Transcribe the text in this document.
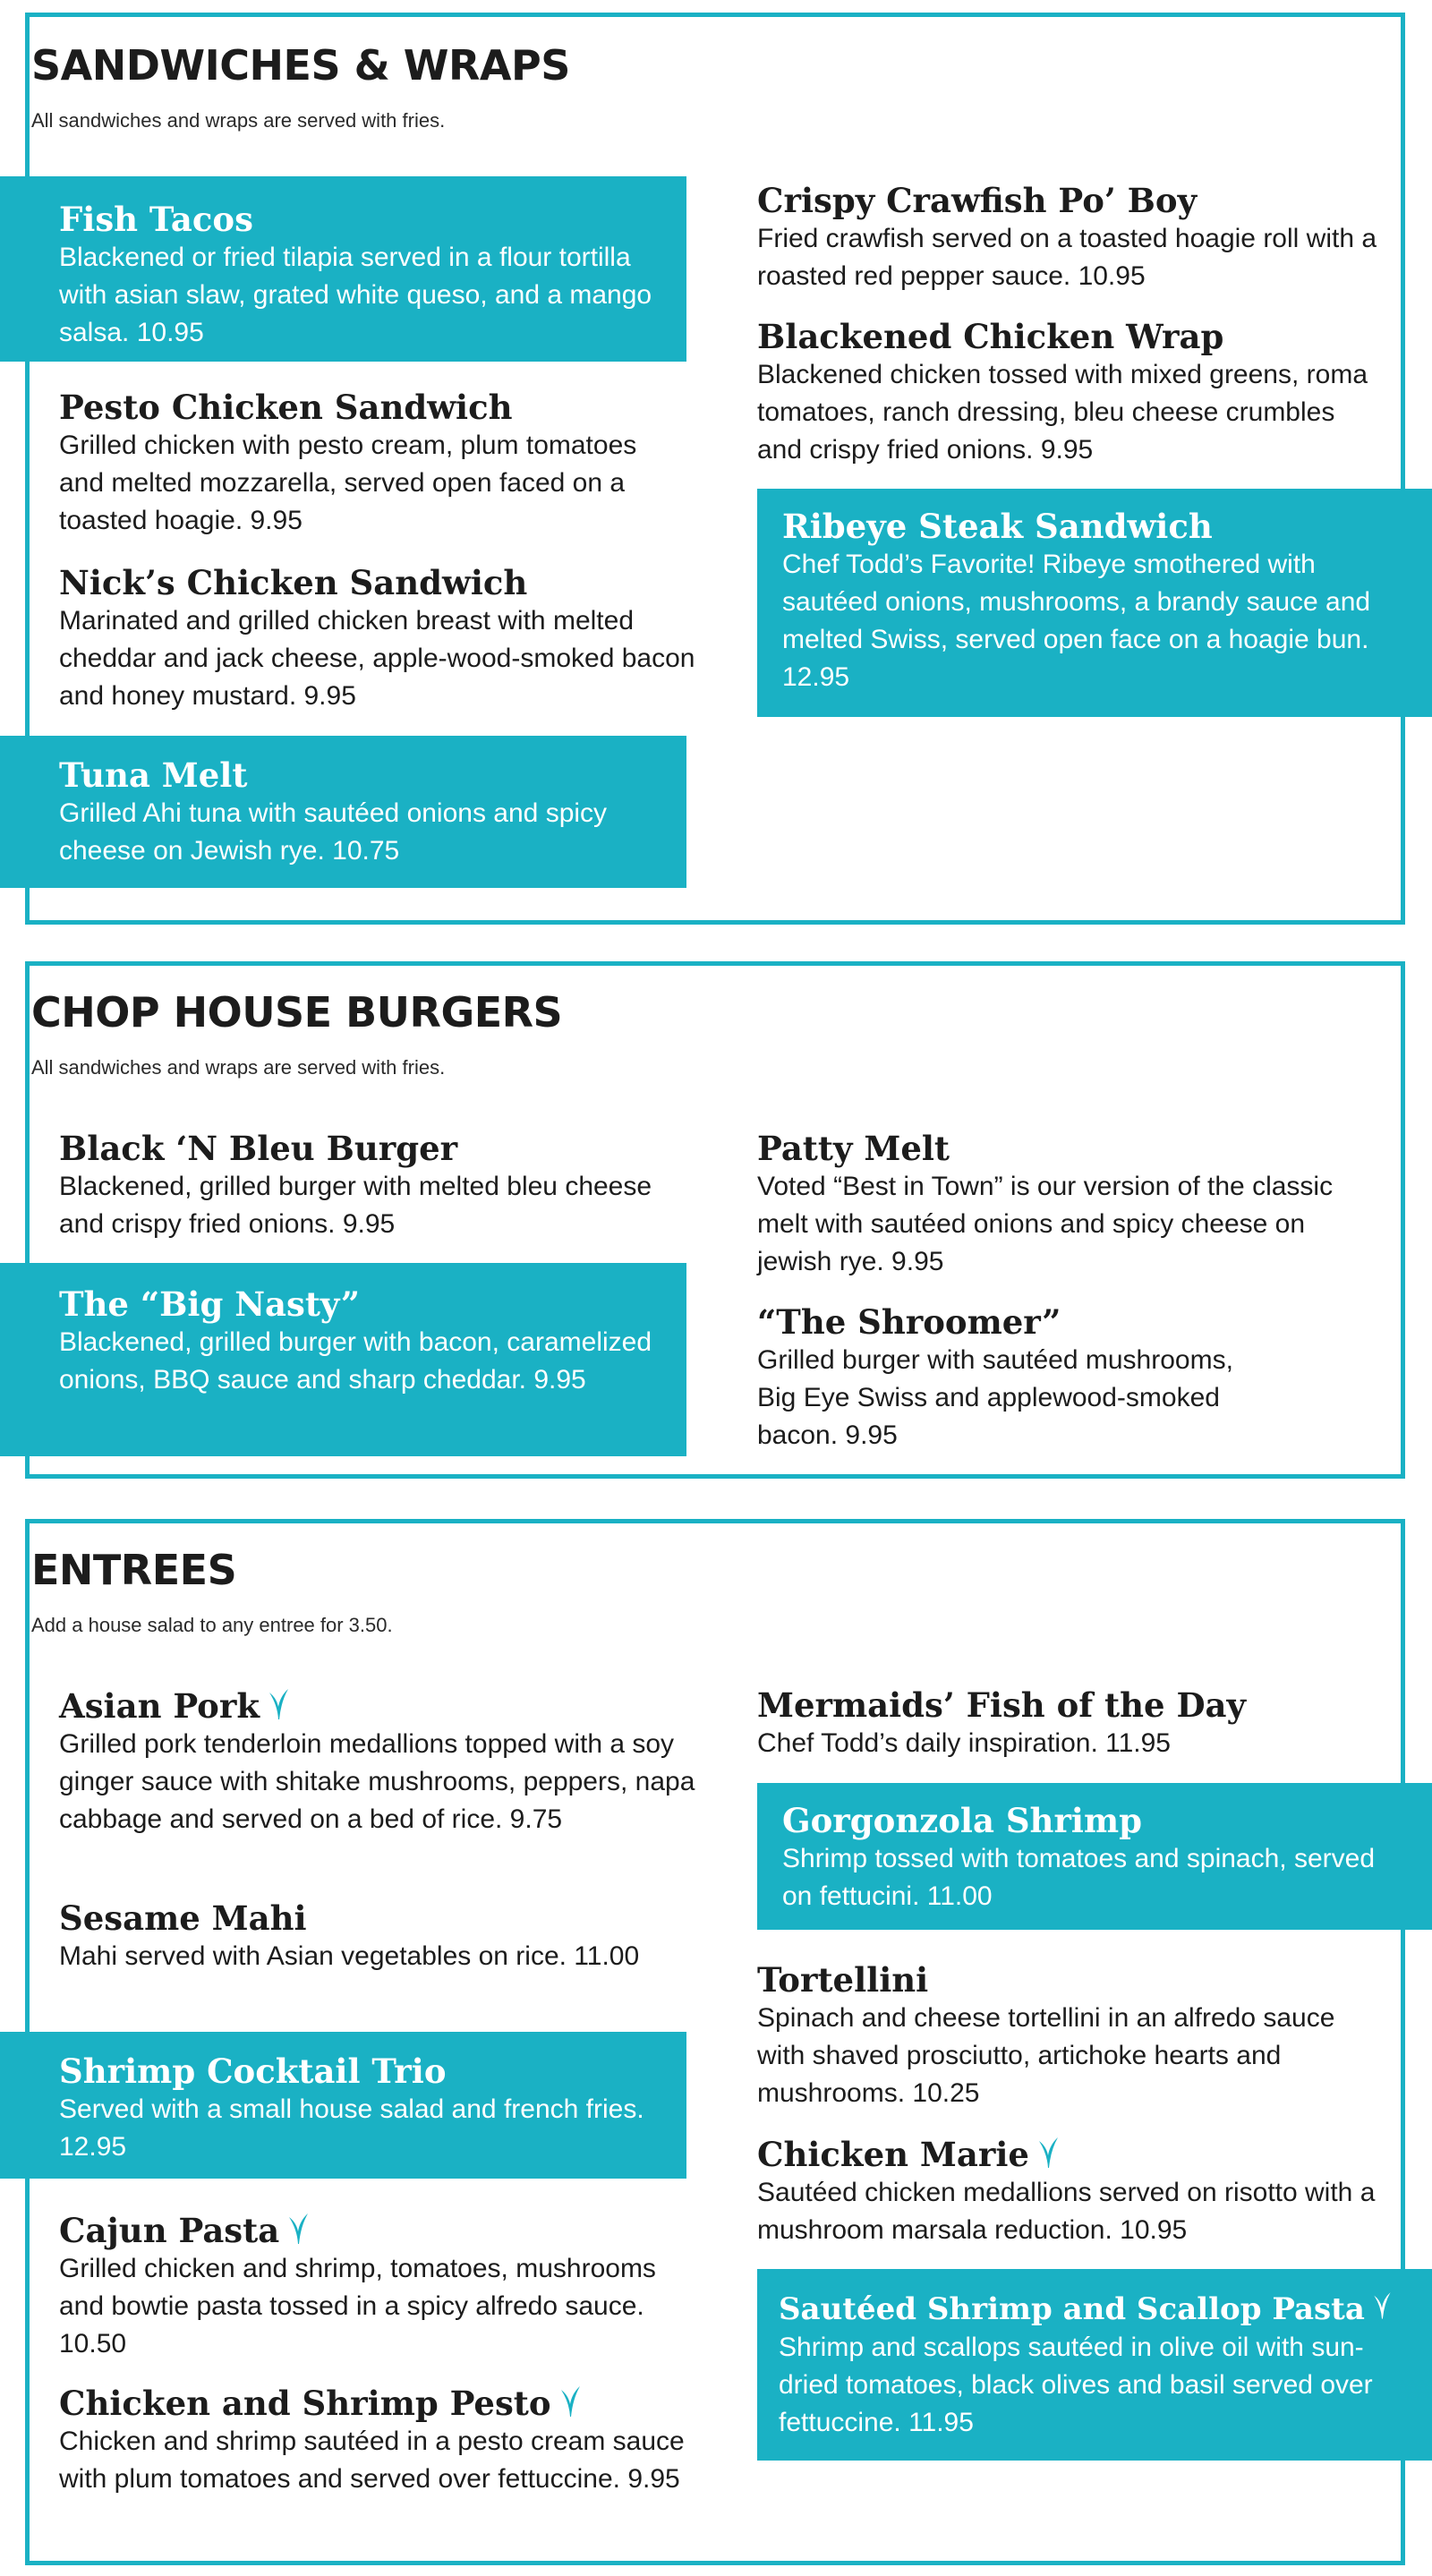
SANDWICHES & WRAPS

All sandwiches and wraps are served with fries.

Fish Tacos
Blackened or fried tilapia served in a flour tortilla with asian slaw, grated white queso, and a mango salsa. 10.95
Pesto Chicken Sandwich
Grilled chicken with pesto cream, plum tomatoes and melted mozzarella, served open faced on a toasted hoagie. 9.95
Nick’s Chicken Sandwich
Marinated and grilled chicken breast with melted cheddar and jack cheese, apple-wood-smoked bacon and honey mustard. 9.95
Tuna Melt
Grilled Ahi tuna with sautéed onions and spicy cheese on Jewish rye. 10.75
Crispy Crawfish Po’ Boy
Fried crawfish served on a toasted hoagie roll with a roasted red pepper sauce. 10.95
Blackened Chicken Wrap
Blackened chicken tossed with mixed greens, roma tomatoes, ranch dressing, bleu cheese crumbles and crispy fried onions. 9.95
Ribeye Steak Sandwich
Chef Todd’s Favorite! Ribeye smothered with sautéed onions, mushrooms, a brandy sauce and melted Swiss, served open face on a hoagie bun. 12.95
CHOP HOUSE BURGERS

All sandwiches and wraps are served with fries.

Black ‘N Bleu Burger
Blackened, grilled burger with melted bleu cheese and crispy fried onions. 9.95
The “Big Nasty”
Blackened, grilled burger with bacon, caramelized onions, BBQ sauce and sharp cheddar. 9.95
Patty Melt
Voted “Best in Town” is our version of the classic melt with sautéed onions and spicy cheese on jewish rye. 9.95
“The Shroomer”
Grilled burger with sautéed mushrooms, Big Eye Swiss and applewood-smoked bacon. 9.95
ENTREES

Add a house salad to any entree for 3.50.

Asian Pork
Grilled pork tenderloin medallions topped with a soy ginger sauce with shitake mushrooms, peppers, napa cabbage and served on a bed of rice. 9.75
Sesame Mahi
Mahi served with Asian vegetables on rice. 11.00
Shrimp Cocktail Trio
Served with a small house salad and french fries. 12.95
Cajun Pasta
Grilled chicken and shrimp, tomatoes, mushrooms and bowtie pasta tossed in a spicy alfredo sauce. 10.50
Chicken and Shrimp Pesto
Chicken and shrimp sautéed in a pesto cream sauce with plum tomatoes and served over fettuccine. 9.95
Mermaids’ Fish of the Day
Chef Todd’s daily inspiration. 11.95
Gorgonzola Shrimp
Shrimp tossed with tomatoes and spinach, served on fettucini. 11.00
Tortellini
Spinach and cheese tortellini in an alfredo sauce with shaved prosciutto, artichoke hearts and mushrooms. 10.25
Chicken Marie
Sautéed chicken medallions served on risotto with a mushroom marsala reduction. 10.95
Sautéed Shrimp and Scallop Pasta
Shrimp and scallops sautéed in olive oil with sun-dried tomatoes, black olives and basil served over fettuccine. 11.95
